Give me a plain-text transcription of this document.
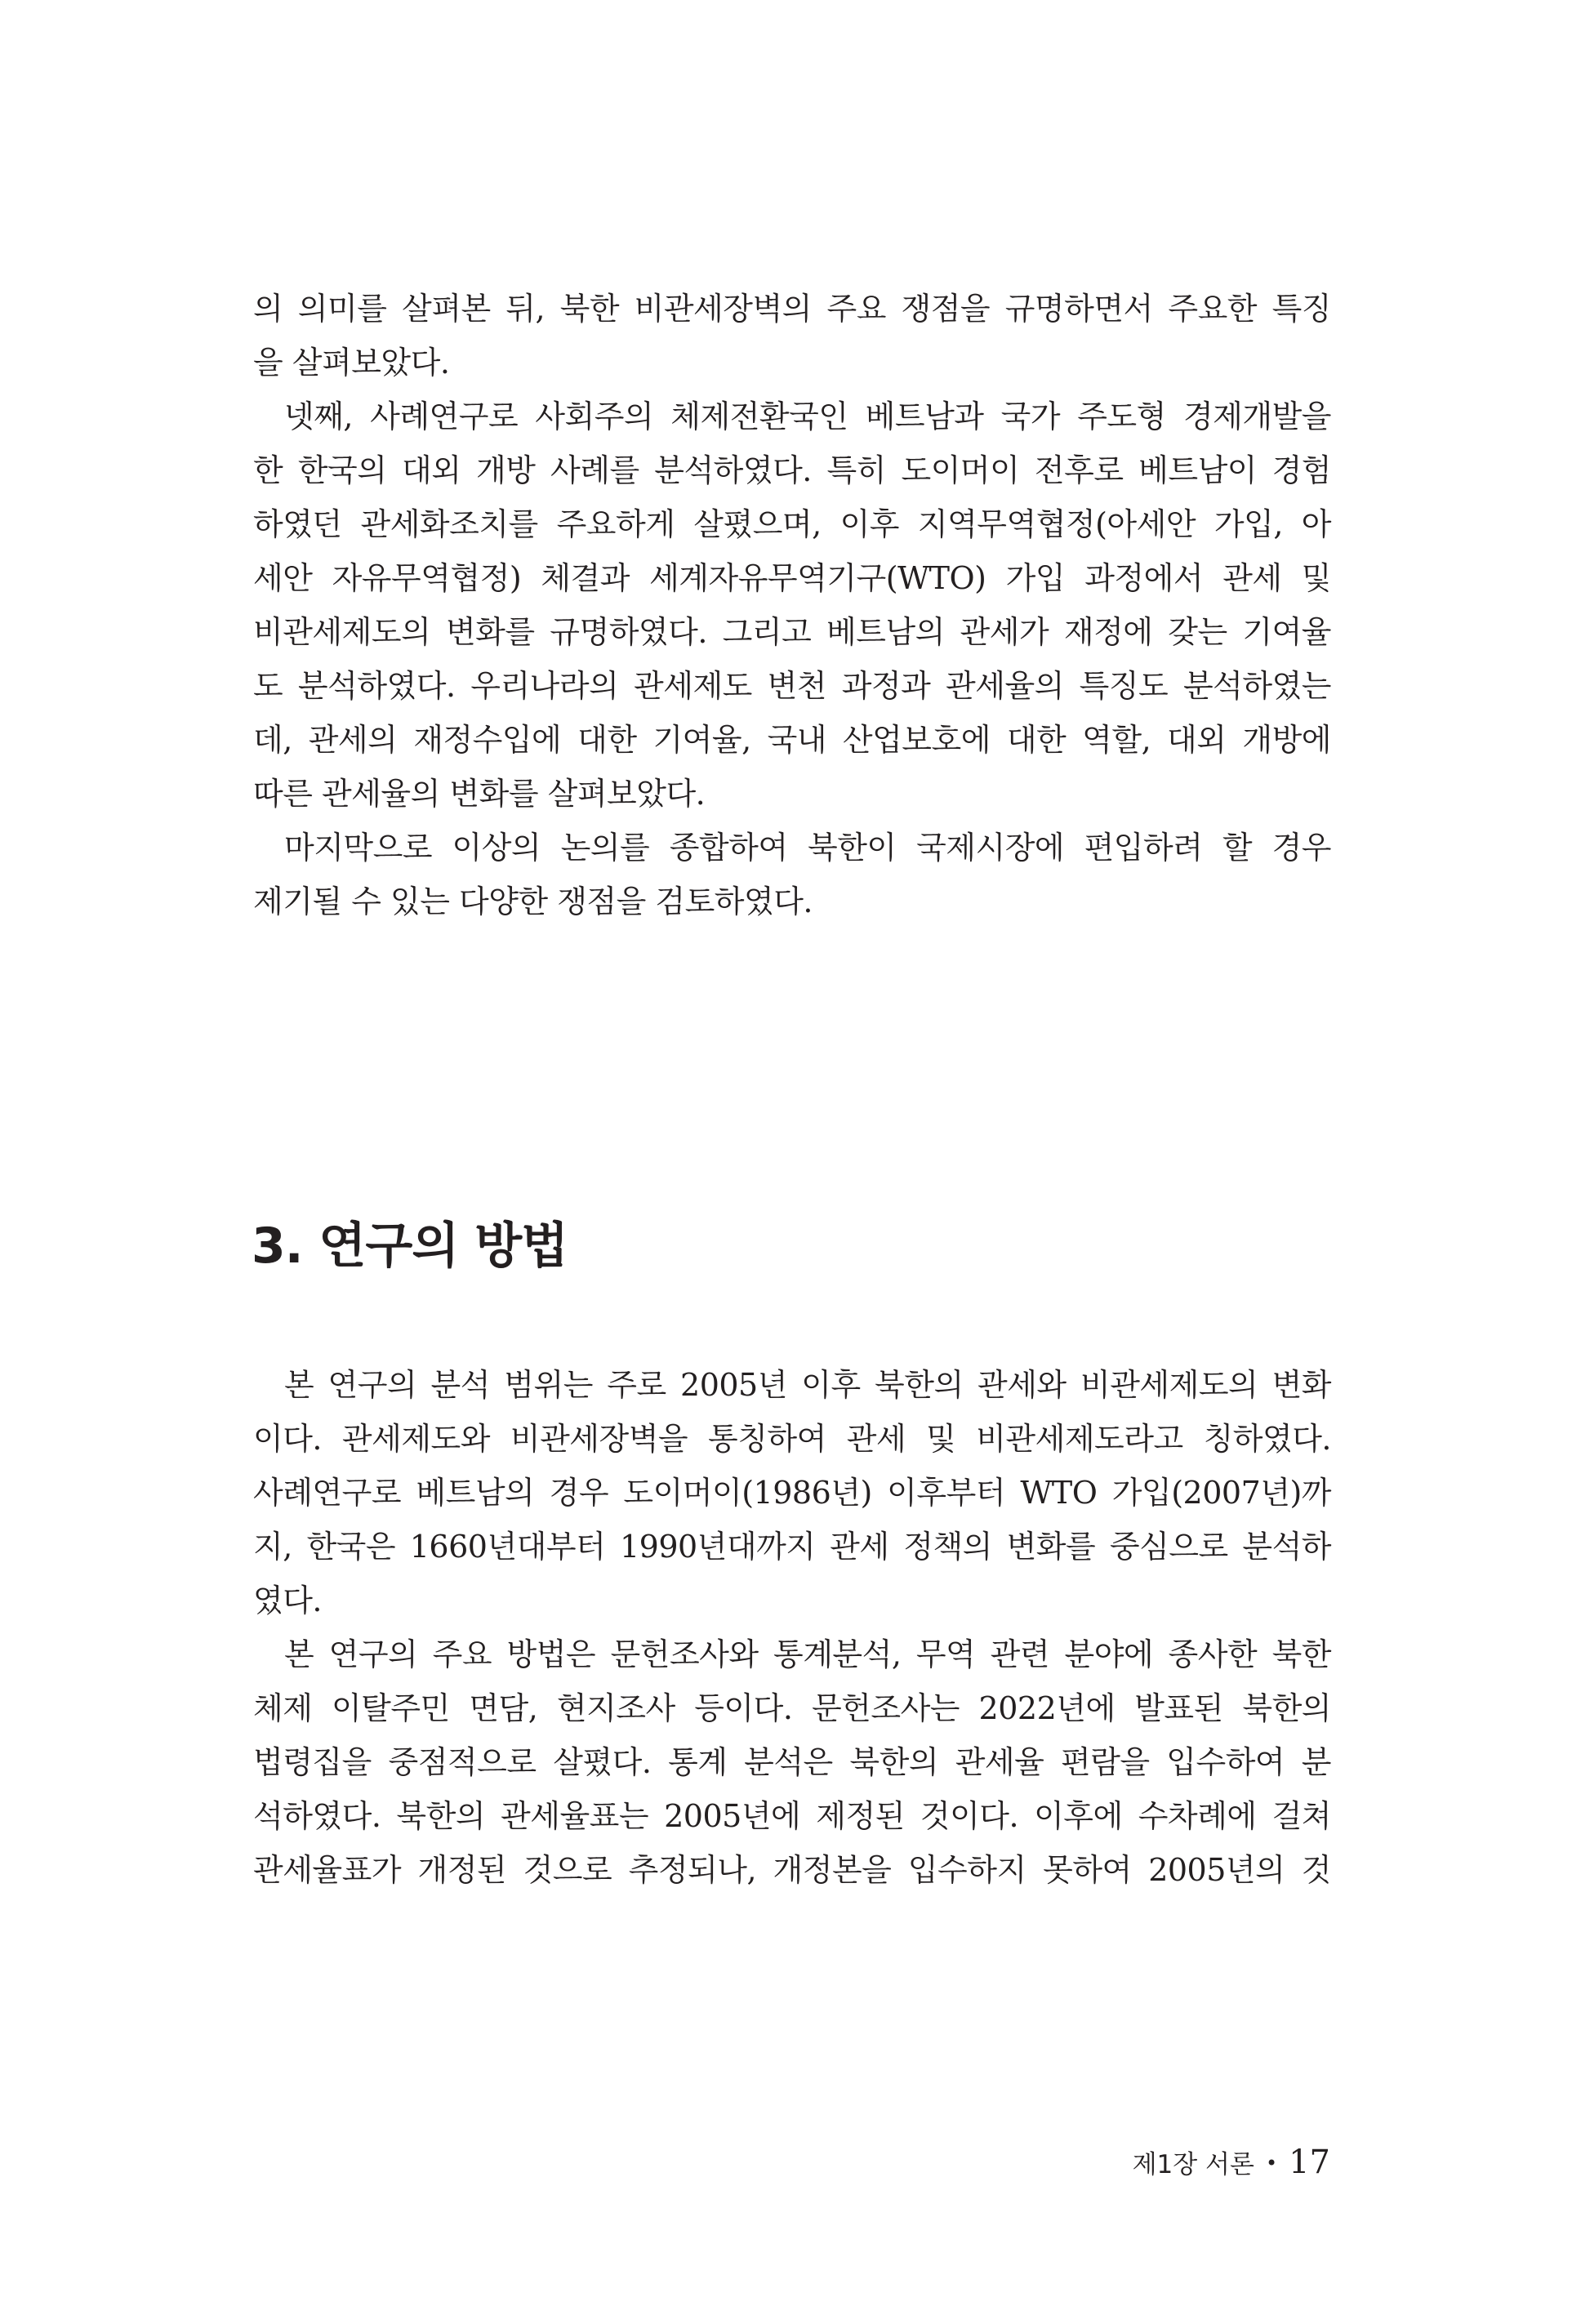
의 의미를 살펴본 뒤, 북한 비관세장벽의 주요 쟁점을 규명하면서 주요한 특징
을 살펴보았다.
넷째, 사례연구로 사회주의 체제전환국인 베트남과 국가 주도형 경제개발을
한 한국의 대외 개방 사례를 분석하였다. 특히 도이머이 전후로 베트남이 경험
하였던 관세화조치를 주요하게 살폈으며, 이후 지역무역협정(아세안 가입, 아
세안 자유무역협정) 체결과 세계자유무역기구(WTO) 가입 과정에서 관세 및
비관세제도의 변화를 규명하였다. 그리고 베트남의 관세가 재정에 갖는 기여율
도 분석하였다. 우리나라의 관세제도 변천 과정과 관세율의 특징도 분석하였는
데, 관세의 재정수입에 대한 기여율, 국내 산업보호에 대한 역할, 대외 개방에
따른 관세율의 변화를 살펴보았다.
마지막으로 이상의 논의를 종합하여 북한이 국제시장에 편입하려 할 경우
제기될 수 있는 다양한 쟁점을 검토하였다.
3. 연구의 방법
본 연구의 분석 범위는 주로 2005년 이후 북한의 관세와 비관세제도의 변화
이다. 관세제도와 비관세장벽을 통칭하여 관세 및 비관세제도라고 칭하였다.
사례연구로 베트남의 경우 도이머이(1986년) 이후부터 WTO 가입(2007년)까
지, 한국은 1660년대부터 1990년대까지 관세 정책의 변화를 중심으로 분석하
였다.
본 연구의 주요 방법은 문헌조사와 통계분석, 무역 관련 분야에 종사한 북한
체제 이탈주민 면담, 현지조사 등이다. 문헌조사는 2022년에 발표된 북한의
법령집을 중점적으로 살폈다. 통계 분석은 북한의 관세율 편람을 입수하여 분
석하였다. 북한의 관세율표는 2005년에 제정된 것이다. 이후에 수차례에 걸쳐
관세율표가 개정된 것으로 추정되나, 개정본을 입수하지 못하여 2005년의 것
제1장 서론 • 17
